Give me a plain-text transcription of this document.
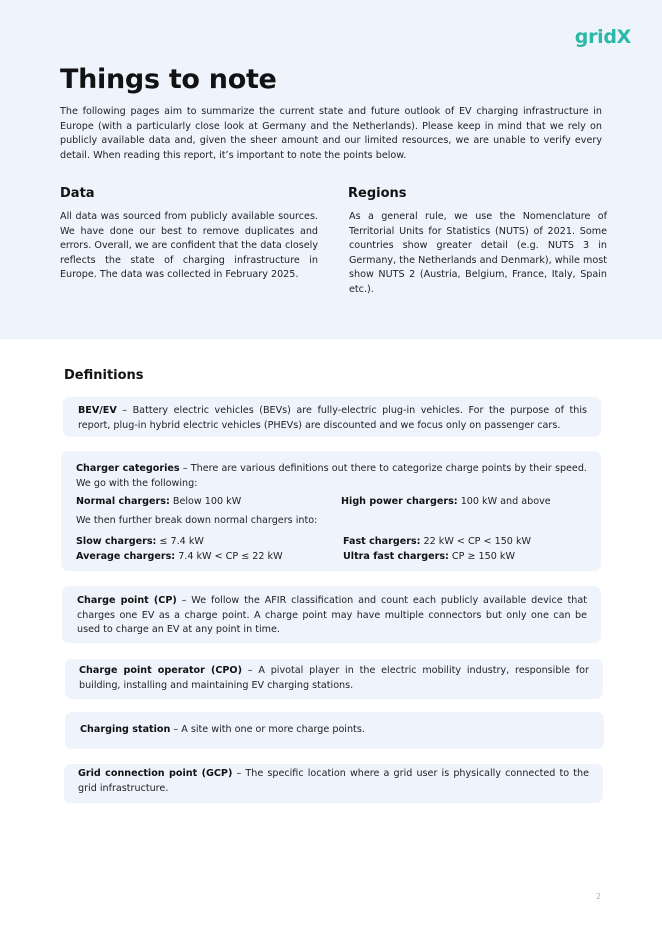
gridX
Things to note

The following pages aim to summarize the current state and future outlook of EV charging infrastructure in Europe (with a particularly close look at Germany and the Netherlands). Please keep in mind that we rely on publicly available data and, given the sheer amount and our limited resources, we are unable to verify every detail. When reading this report, it’s important to note the points below.

Data

All data was sourced from publicly available sources. We have done our best to remove duplicates and errors. Overall, we are confident that the data closely reflects the state of charging infrastructure in Europe. The data was collected in February 2025.

Regions

As a general rule, we use the Nomenclature of Territorial Units for Statistics (NUTS) of 2021. Some countries show greater detail (e.g. NUTS 3 in Germany, the Netherlands and Denmark), while most show NUTS 2 (Austria, Belgium, France, Italy, Spain etc.).

Definitions

BEV/EV – Battery electric vehicles (BEVs) are fully-electric plug-in vehicles. For the purpose of this report, plug-in hybrid electric vehicles (PHEVs) are discounted and we focus only on passenger cars.

Charger categories – There are various definitions out there to categorize charge points by their speed. We go with the following:

Normal chargers: Below 100 kW	High power chargers: 100 kW and above

We then further break down normal chargers into:

Slow chargers: ≤ 7.4 kW	Fast chargers: 22 kW < CP < 150 kW
Average chargers: 7.4 kW < CP ≤ 22 kW	Ultra fast chargers: CP ≥ 150 kW

Charge point (CP) – We follow the AFIR classification and count each publicly available device that charges one EV as a charge point. A charge point may have multiple connectors but only one can be used to charge an EV at any point in time.

Charge point operator (CPO) – A pivotal player in the electric mobility industry, responsible for building, installing and maintaining EV charging stations.

Charging station – A site with one or more charge points.

Grid connection point (GCP) – The specific location where a grid user is physically connected to the grid infrastructure.

2
